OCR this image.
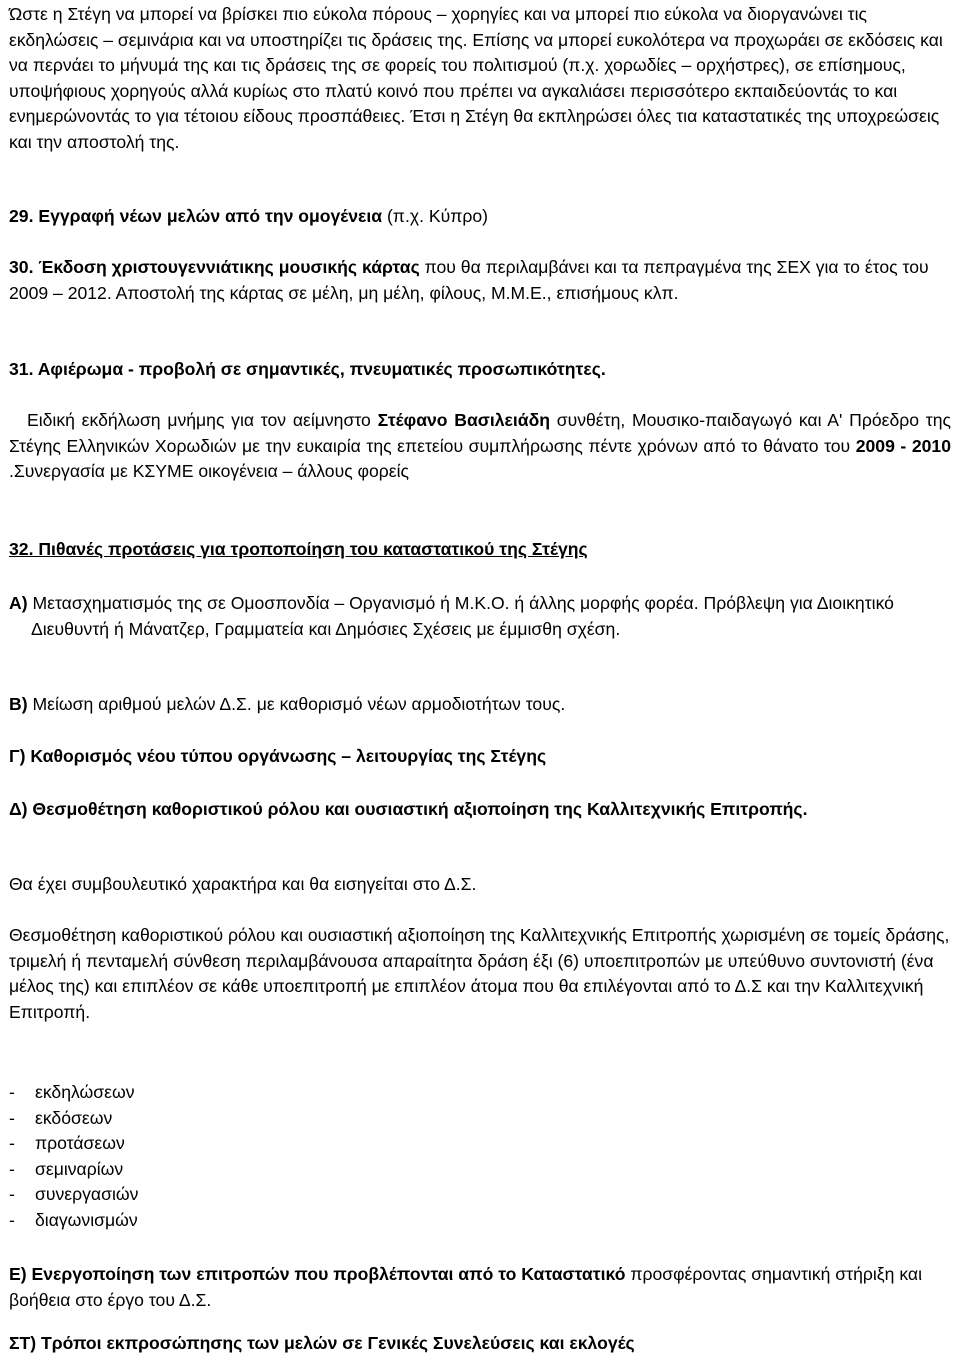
Ώστε η Στέγη να μπορεί να βρίσκει πιο εύκολα πόρους – χορηγίες και να μπορεί πιο εύκολα να διοργανώνει τις εκδηλώσεις – σεμινάρια και να υποστηρίζει τις δράσεις της. Επίσης να μπορεί ευκολότερα να προχωράει σε εκδόσεις και να περνάει το μήνυμά της και τις δράσεις της σε φορείς του πολιτισμού (π.χ. χορωδίες – ορχήστρες), σε επίσημους, υποψήφιους χορηγούς αλλά κυρίως στο πλατύ κοινό που πρέπει να αγκαλιάσει περισσότερο εκπαιδεύοντάς το και ενημερώνοντάς το για τέτοιου είδους προσπάθειες. Έτσι η Στέγη θα εκπληρώσει όλες τια καταστατικές της υποχρεώσεις και την αποστολή της.

29. Εγγραφή νέων μελών από την ομογένεια (π.χ. Κύπρο)

30. Έκδοση χριστουγεννιάτικης μουσικής κάρτας που θα περιλαμβάνει και τα πεπραγμένα της ΣΕΧ για το έτος του 2009 – 2012. Αποστολή της κάρτας σε μέλη, μη μέλη, φίλους, Μ.Μ.Ε., επισήμους κλπ.

31. Αφιέρωμα - προβολή σε σημαντικές, πνευματικές προσωπικότητες.

Ειδική εκδήλωση μνήμης για τον αείμνηστο Στέφανο Βασιλειάδη συνθέτη, Μουσικο-παιδαγωγό και Α' Πρόεδρο της Στέγης Ελληνικών Χορωδιών με την ευκαιρία της επετείου συμπλήρωσης πέντε χρόνων από το θάνατο του 2009 - 2010 .Συνεργασία με ΚΣΥΜΕ οικογένεια – άλλους φορείς

32. Πιθανές προτάσεις για τροποποίηση του καταστατικού της Στέγης

Α) Μετασχηματισμός της σε Ομοσπονδία – Οργανισμό ή Μ.Κ.Ο. ή άλλης μορφής φορέα. Πρόβλεψη για Διοικητικό Διευθυντή ή Μάνατζερ, Γραμματεία και Δημόσιες Σχέσεις με έμμισθη σχέση.

Β) Μείωση αριθμού μελών Δ.Σ. με καθορισμό νέων αρμοδιοτήτων τους.

Γ) Καθορισμός νέου τύπου οργάνωσης – λειτουργίας της Στέγης

Δ) Θεσμοθέτηση καθοριστικού ρόλου και ουσιαστική αξιοποίηση της Καλλιτεχνικής Επιτροπής.

Θα έχει συμβουλευτικό χαρακτήρα και θα εισηγείται στο Δ.Σ.

Θεσμοθέτηση καθοριστικού ρόλου και ουσιαστική αξιοποίηση της Καλλιτεχνικής Επιτροπής χωρισμένη σε τομείς δράσης, τριμελή ή πενταμελή σύνθεση περιλαμβάνουσα απαραίτητα δράση έξι (6) υποεπιτροπών με υπεύθυνο συντονιστή (ένα μέλος της) και επιπλέον σε κάθε υποεπιτροπή με επιπλέον άτομα που θα επιλέγονται από το Δ.Σ και την Καλλιτεχνική Επιτροπή.

-	εκδηλώσεων
-	εκδόσεων
-	προτάσεων
-	σεμιναρίων
-	συνεργασιών
-	διαγωνισμών

Ε) Ενεργοποίηση των επιτροπών που προβλέπονται από το Καταστατικό προσφέροντας σημαντική στήριξη και βοήθεια στο έργο του Δ.Σ.

ΣΤ) Τρόποι εκπροσώπησης των μελών σε Γενικές Συνελεύσεις και εκλογές
